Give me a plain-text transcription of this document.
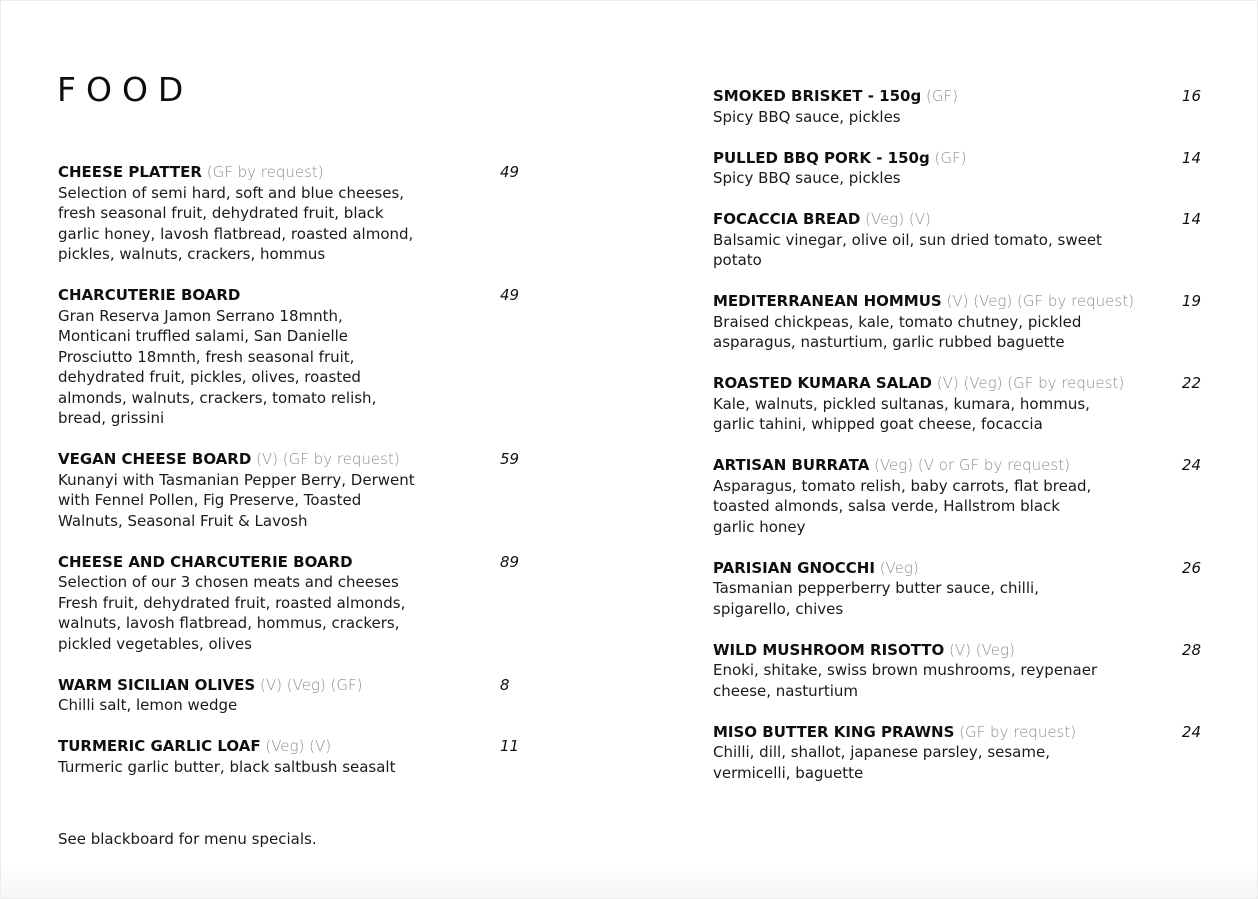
FOOD
CHEESE PLATTER (GF by request)	49
Selection of semi hard, soft and blue cheeses, fresh seasonal fruit, dehydrated fruit, black garlic honey, lavosh flatbread, roasted almond, pickles, walnuts, crackers, hommus
CHARCUTERIE BOARD	49
Gran Reserva Jamon Serrano 18mnth, Monticani truffled salami, San Danielle Prosciutto 18mnth, fresh seasonal fruit, dehydrated fruit, pickles, olives, roasted almonds, walnuts, crackers, tomato relish, bread, grissini
VEGAN CHEESE BOARD (V) (GF by request)	59
Kunanyi with Tasmanian Pepper Berry, Derwent with Fennel Pollen, Fig Preserve, Toasted Walnuts, Seasonal Fruit & Lavosh
CHEESE AND CHARCUTERIE BOARD	89
Selection of our 3 chosen meats and cheeses Fresh fruit, dehydrated fruit, roasted almonds, walnuts, lavosh flatbread, hommus, crackers, pickled vegetables, olives
WARM SICILIAN OLIVES (V) (Veg) (GF)	8
Chilli salt, lemon wedge
TURMERIC GARLIC LOAF (Veg) (V)	11
Turmeric garlic butter, black saltbush seasalt
SMOKED BRISKET - 150g (GF)	16
Spicy BBQ sauce, pickles
PULLED BBQ PORK - 150g (GF)	14
Spicy BBQ sauce, pickles
FOCACCIA BREAD (Veg) (V)	14
Balsamic vinegar, olive oil, sun dried tomato, sweet potato
MEDITERRANEAN HOMMUS (V) (Veg) (GF by request)	19
Braised chickpeas, kale, tomato chutney, pickled asparagus, nasturtium, garlic rubbed baguette
ROASTED KUMARA SALAD (V) (Veg) (GF by request)	22
Kale, walnuts, pickled sultanas, kumara, hommus, garlic tahini, whipped goat cheese, focaccia
ARTISAN BURRATA (Veg) (V or GF by request)	24
Asparagus, tomato relish, baby carrots, flat bread, toasted almonds, salsa verde, Hallstrom black garlic honey
PARISIAN GNOCCHI (Veg)	26
Tasmanian pepperberry butter sauce, chilli, spigarello, chives
WILD MUSHROOM RISOTTO (V) (Veg)	28
Enoki, shitake, swiss brown mushrooms, reypenaer cheese, nasturtium
MISO BUTTER KING PRAWNS (GF by request)	24
Chilli, dill, shallot, japanese parsley, sesame, vermicelli, baguette
See blackboard for menu specials.
